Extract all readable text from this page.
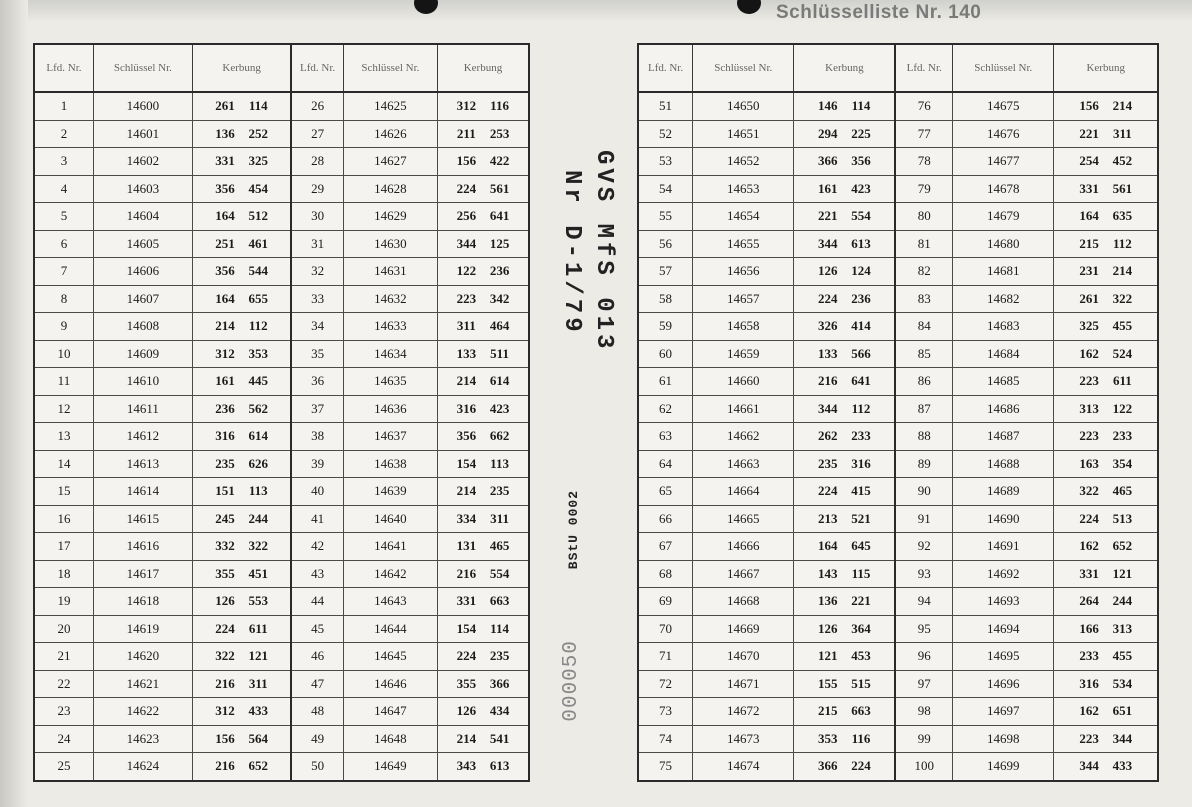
Schlüsselliste Nr. 140
Lfd. Nr.	Schlüssel Nr.	Kerbung	Lfd. Nr.	Schlüssel Nr.	Kerbung
1	14600	261 114	26	14625	312 116
2	14601	136 252	27	14626	211 253
3	14602	331 325	28	14627	156 422
4	14603	356 454	29	14628	224 561
5	14604	164 512	30	14629	256 641
6	14605	251 461	31	14630	344 125
7	14606	356 544	32	14631	122 236
8	14607	164 655	33	14632	223 342
9	14608	214 112	34	14633	311 464
10	14609	312 353	35	14634	133 511
11	14610	161 445	36	14635	214 614
12	14611	236 562	37	14636	316 423
13	14612	316 614	38	14637	356 662
14	14613	235 626	39	14638	154 113
15	14614	151 113	40	14639	214 235
16	14615	245 244	41	14640	334 311
17	14616	332 322	42	14641	131 465
18	14617	355 451	43	14642	216 554
19	14618	126 553	44	14643	331 663
20	14619	224 611	45	14644	154 114
21	14620	322 121	46	14645	224 235
22	14621	216 311	47	14646	355 366
23	14622	312 433	48	14647	126 434
24	14623	156 564	49	14648	214 541
25	14624	216 652	50	14649	343 613
Lfd. Nr.	Schlüssel Nr.	Kerbung	Lfd. Nr.	Schlüssel Nr.	Kerbung
51	14650	146 114	76	14675	156 214
52	14651	294 225	77	14676	221 311
53	14652	366 356	78	14677	254 452
54	14653	161 423	79	14678	331 561
55	14654	221 554	80	14679	164 635
56	14655	344 613	81	14680	215 112
57	14656	126 124	82	14681	231 214
58	14657	224 236	83	14682	261 322
59	14658	326 414	84	14683	325 455
60	14659	133 566	85	14684	162 524
61	14660	216 641	86	14685	223 611
62	14661	344 112	87	14686	313 122
63	14662	262 233	88	14687	223 233
64	14663	235 316	89	14688	163 354
65	14664	224 415	90	14689	322 465
66	14665	213 521	91	14690	224 513
67	14666	164 645	92	14691	162 652
68	14667	143 115	93	14692	331 121
69	14668	136 221	94	14693	264 244
70	14669	126 364	95	14694	166 313
71	14670	121 453	96	14695	233 455
72	14671	155 515	97	14696	316 534
73	14672	215 663	98	14697	162 651
74	14673	353 116	99	14698	223 344
75	14674	366 224	100	14699	344 433
GVS MfS 013
Nr D-1/79
BStU 0002
000050
